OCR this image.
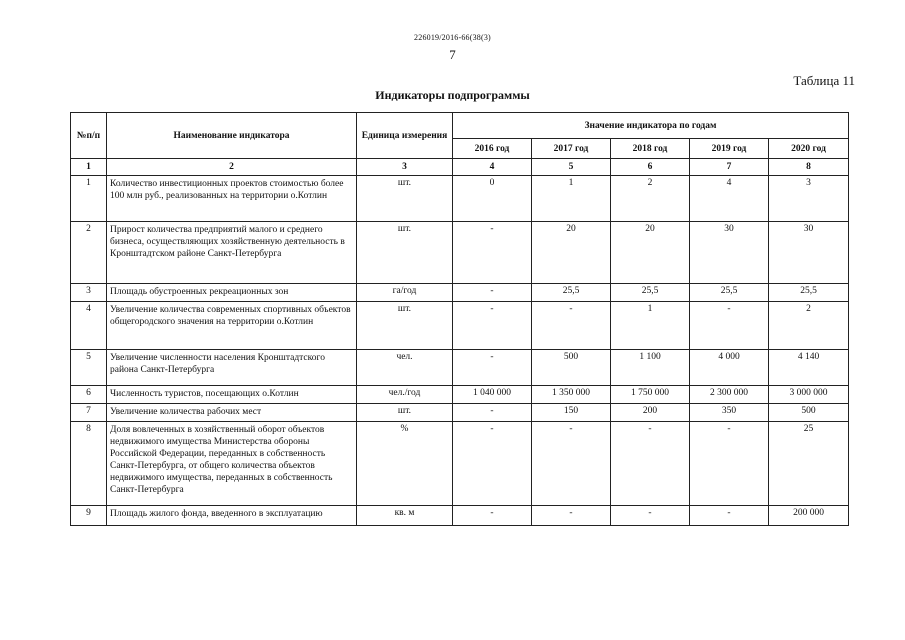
226019/2016-66(38(3)
7
Таблица 11
Индикаторы подпрограммы
№п/п	Наименование индикатора	Единица измерения	Значение индикатора по годам				
			2016 год	2017 год	2018 год	2019 год	2020 год
1	2	3	4	5	6	7	8
1	Количество инвестиционных проектов стоимостью более 100 млн руб., реализованных на территории о.Котлин	шт.	0	1	2	4	3
2	Прирост количества предприятий малого и среднего бизнеса, осуществляющих хозяйственную деятельность в Кронштадтском районе Санкт-Петербурга	шт.	-	20	20	30	30
3	Площадь обустроенных рекреационных зон	га/год	-	25,5	25,5	25,5	25,5
4	Увеличение количества современных спортивных объектов общегородского значения на территории о.Котлин	шт.	-	-	1	-	2
5	Увеличение численности населения Кронштадтского района Санкт-Петербурга	чел.	-	500	1 100	4 000	4 140
6	Численность туристов, посещающих о.Котлин	чел./год	1 040 000	1 350 000	1 750 000	2 300 000	3 000 000
7	Увеличение количества рабочих мест	шт.	-	150	200	350	500
8	Доля вовлеченных в хозяйственный оборот объектов недвижимого имущества Министерства обороны Российской Федерации, переданных в собственность Санкт-Петербурга, от общего количества объектов недвижимого имущества, переданных в собственность Санкт-Петербурга	%	-	-	-	-	25
9	Площадь жилого фонда, введенного в эксплуатацию	кв. м	-	-	-	-	200 000
